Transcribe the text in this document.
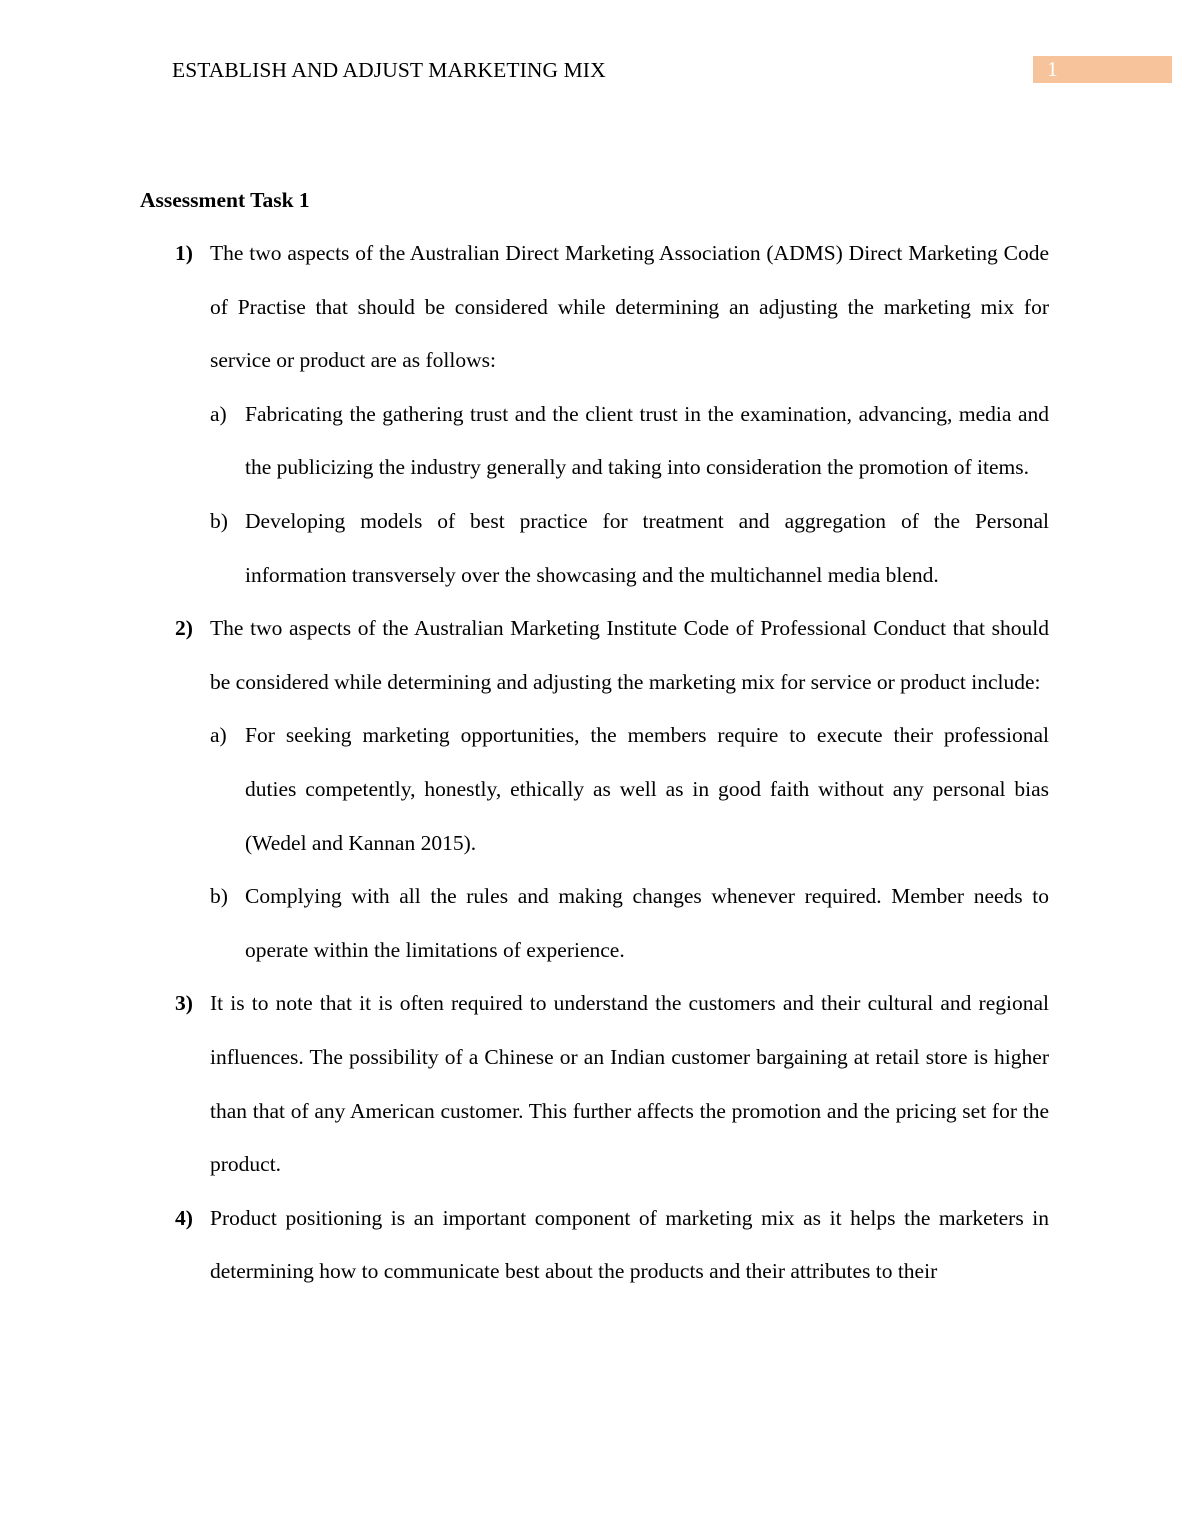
ESTABLISH AND ADJUST MARKETING MIX	1
Assessment Task 1
1) The two aspects of the Australian Direct Marketing Association (ADMS) Direct Marketing Code of Practise that should be considered while determining an adjusting the marketing mix for service or product are as follows:

a) Fabricating the gathering trust and the client trust in the examination, advancing, media and the publicizing the industry generally and taking into consideration the promotion of items.

b) Developing models of best practice for treatment and aggregation of the Personal information transversely over the showcasing and the multichannel media blend.

2) The two aspects of the Australian Marketing Institute Code of Professional Conduct that should be considered while determining and adjusting the marketing mix for service or product include:

a) For seeking marketing opportunities, the members require to execute their professional duties competently, honestly, ethically as well as in good faith without any personal bias (Wedel and Kannan 2015).

b) Complying with all the rules and making changes whenever required. Member needs to operate within the limitations of experience.

3) It is to note that it is often required to understand the customers and their cultural and regional influences. The possibility of a Chinese or an Indian customer bargaining at retail store is higher than that of any American customer. This further affects the promotion and the pricing set for the product.

4) Product positioning is an important component of marketing mix as it helps the marketers in determining how to communicate best about the products and their attributes to their
